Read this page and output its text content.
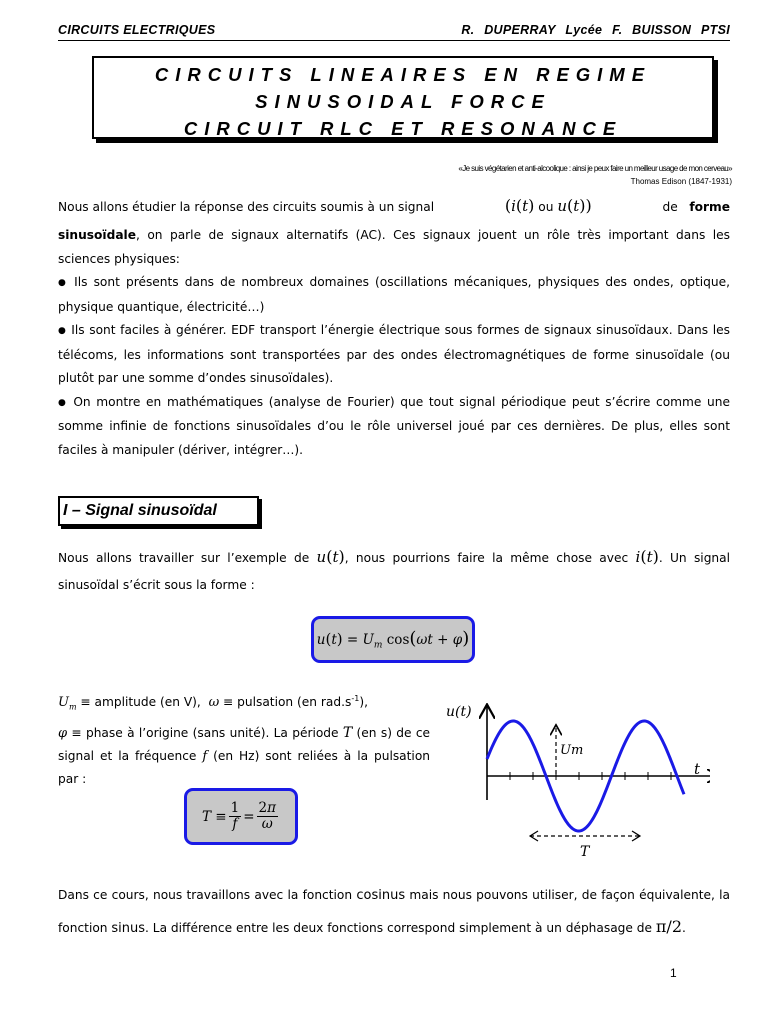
CIRCUITS ELECTRIQUES	R. DUPERRAY Lycée F. BUISSON PTSI
CIRCUITS LINEAIRES EN REGIME
SINUSOIDAL FORCE
CIRCUIT RLC ET RESONANCE
«Je suis végétarien et anti-alcoolique : ainsi je peux faire un meilleur usage de mon cerveau»
Thomas Edison (1847-1931)
Nous allons étudier la réponse des circuits soumis à un signal	(i(t) ou u(t))	de forme
sinusoïdale, on parle de signaux alternatifs (AC). Ces signaux jouent un rôle très important dans les sciences physiques:
● Ils sont présents dans de nombreux domaines (oscillations mécaniques, physiques des ondes, optique, physique quantique, électricité…)
● Ils sont faciles à générer. EDF transport l’énergie électrique sous formes de signaux sinusoïdaux. Dans les télécoms, les informations sont transportées par des ondes électromagnétiques de forme sinusoïdale (ou plutôt par une somme d’ondes sinusoïdales).
● On montre en mathématiques (analyse de Fourier) que tout signal périodique peut s’écrire comme une somme infinie de fonctions sinusoïdales d’ou le rôle universel joué par ces dernières. De plus, elles sont faciles à manipuler (dériver, intégrer…).
I – Signal sinusoïdal
Nous allons travailler sur l’exemple de u(t), nous pourrions faire la même chose avec i(t). Un signal sinusoïdal s’écrit sous la forme :
$u(t) = U_m$ cos(ωt + φ)
$U_m$ ≡ amplitude (en V), ω ≡ pulsation (en $rad.s^{-1}$),
φ ≡ phase à l’origine (sans unité). La période T (en s) de ce signal et la fréquence f (en Hz) sont reliées à la pulsation par :
$T \equiv \frac{1}{f} = \frac{2\pi}{\omega}$
u(t)
t
Um
T
Dans ce cours, nous travaillons avec la fonction cosinus mais nous pouvons utiliser, de façon équivalente, la fonction sinus. La différence entre les deux fonctions correspond simplement à un déphasage de π/2.
1
